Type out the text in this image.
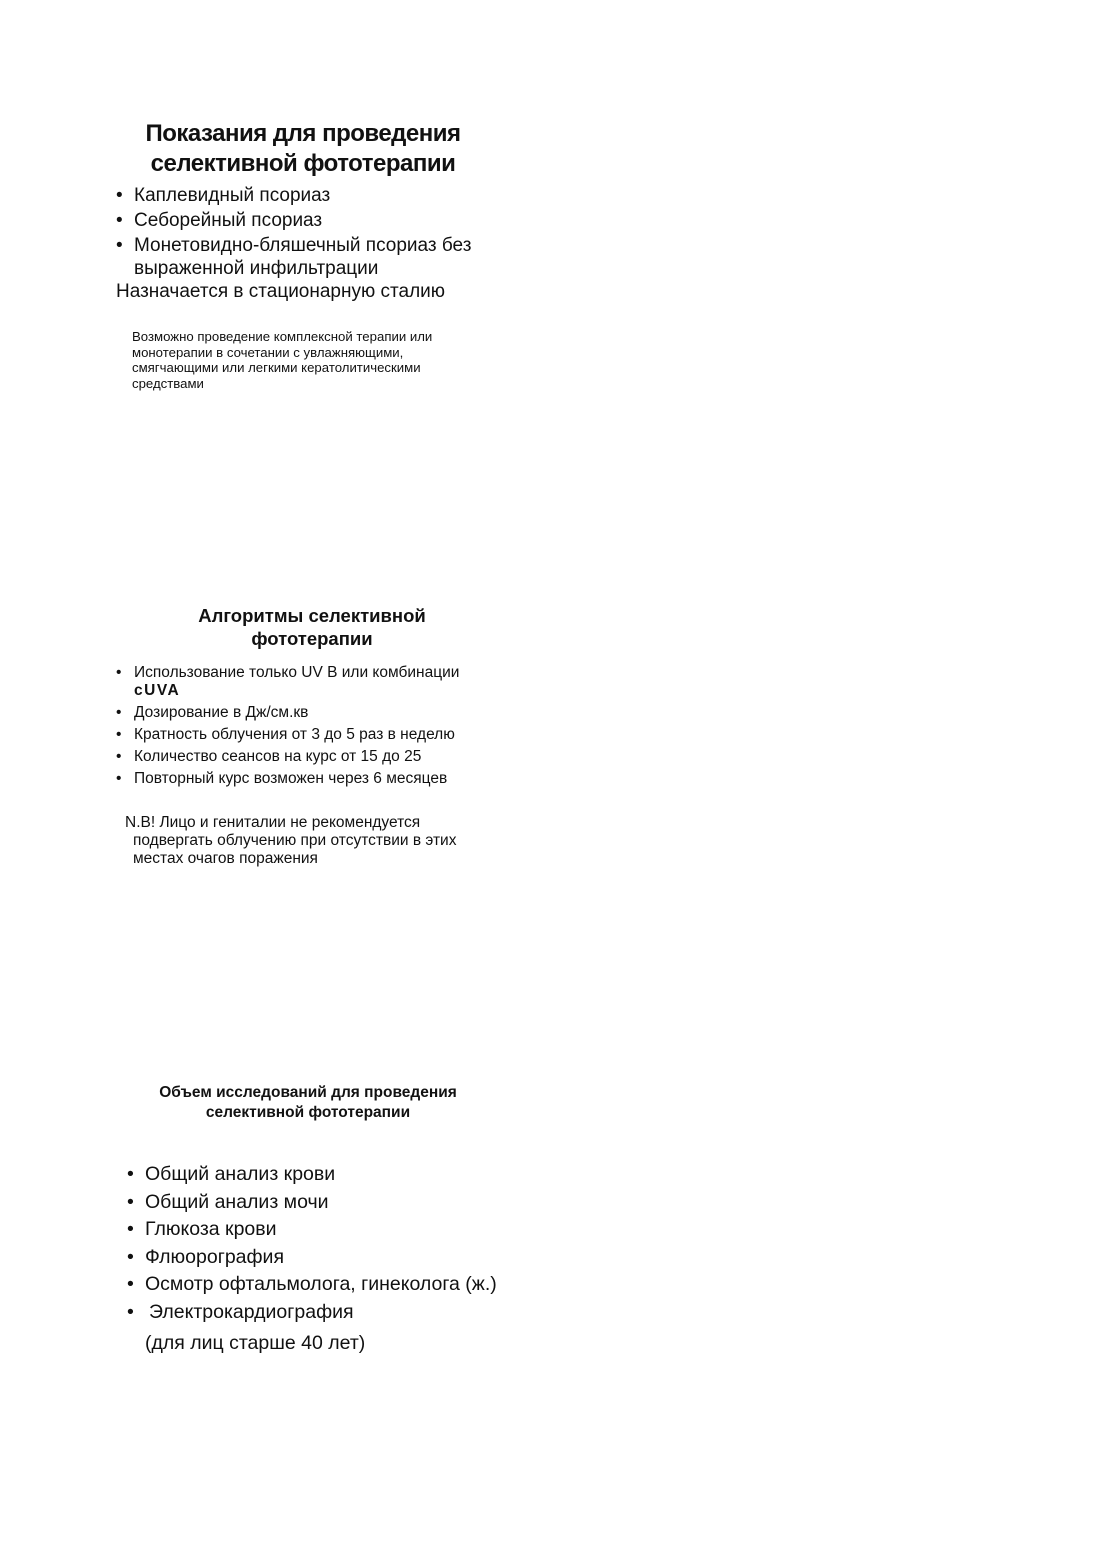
Показания для проведения
селективной фототерапии
• Каплевидный псориаз
• Себорейный псориаз
• Монетовидно-бляшечный псориаз без выраженной инфильтрации

Назначается в стационарную сталию

Возможно проведение комплексной терапии или монотерапии в сочетании с увлажняющими, смягчающими или легкими кератолитическими средствами

Алгоритмы селективной
фототерапии
• Использование только UV В или комбинации
cUVA
• Дозирование в Дж/см.кв
• Кратность облучения от 3 до 5 раз в неделю
• Количество сеансов на курс от 15 до 25
• Повторный курс возможен через 6 месяцев

N.B! Лицо и гениталии не рекомендуется
подвергать облучению при отсутствии в этих местах очагов поражения

Объем исследований для проведения
селективной фототерапии
• Общий анализ крови
• Общий анализ мочи
• Глюкоза крови
• Флюорография
• Осмотр офтальмолога, гинеколога (ж.)
• Электрокардиография
(для лиц старше 40 лет)
